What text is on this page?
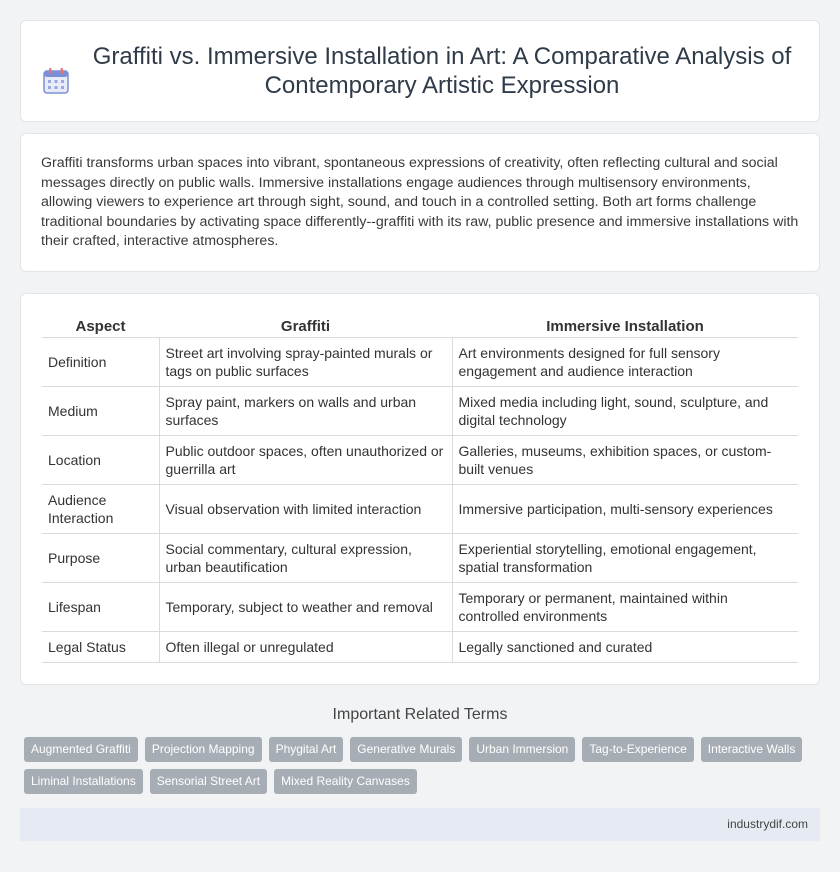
Graffiti vs. Immersive Installation in Art: A Comparative Analysis of Contemporary Artistic Expression

Graffiti transforms urban spaces into vibrant, spontaneous expressions of creativity, often reflecting cultural and social messages directly on public walls. Immersive installations engage audiences through multisensory environments, allowing viewers to experience art through sight, sound, and touch in a controlled setting. Both art forms challenge traditional boundaries by activating space differently--graffiti with its raw, public presence and immersive installations with their crafted, interactive atmospheres.

Aspect	Graffiti	Immersive Installation
Definition	Street art involving spray-painted murals or tags on public surfaces	Art environments designed for full sensory engagement and audience interaction
Medium	Spray paint, markers on walls and urban surfaces	Mixed media including light, sound, sculpture, and digital technology
Location	Public outdoor spaces, often unauthorized or guerrilla art	Galleries, museums, exhibition spaces, or custom-built venues
Audience Interaction	Visual observation with limited interaction	Immersive participation, multi-sensory experiences
Purpose	Social commentary, cultural expression, urban beautification	Experiential storytelling, emotional engagement, spatial transformation
Lifespan	Temporary, subject to weather and removal	Temporary or permanent, maintained within controlled environments
Legal Status	Often illegal or unregulated	Legally sanctioned and curated
Important Related Terms
Augmented Graffiti	Projection Mapping	Phygital Art	Generative Murals	Urban Immersion	Tag-to-Experience	Interactive Walls
Liminal Installations	Sensorial Street Art	Mixed Reality Canvases
industrydif.com
